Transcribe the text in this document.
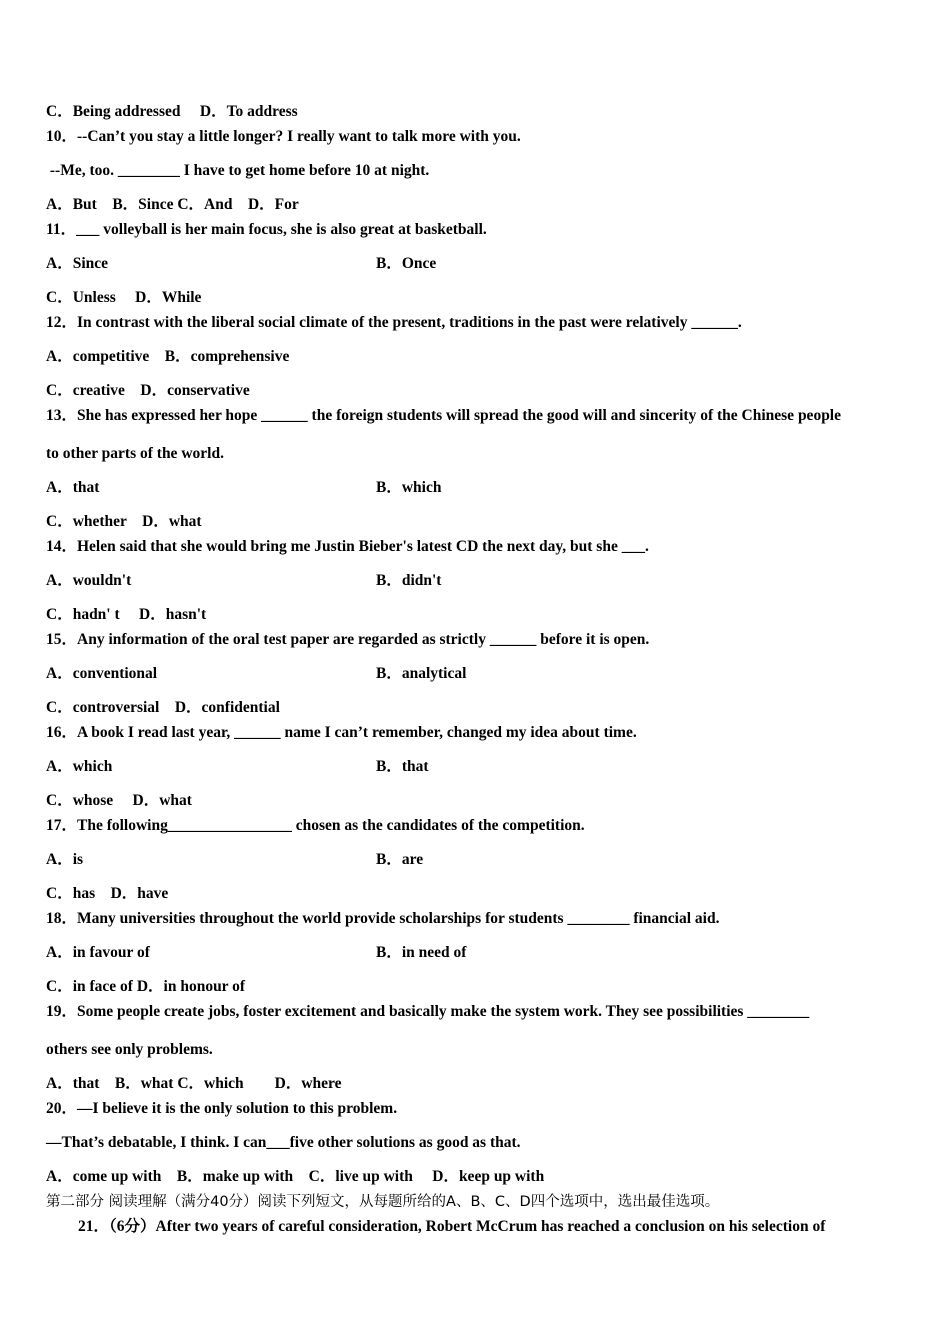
C．Being addressed　 D．To address
10．--Can’t you stay a little longer? I really want to talk more with you.
--Me, too. ________ I have to get home before 10 at night.
A．But　B．Since C．And　D．For
11．___ volleyball is her main focus, she is also great at basketball.
A．Since	B．Once
C．Unless　 D．While
12．In contrast with the liberal social climate of the present, traditions in the past were relatively ______.
A．competitive　B．comprehensive
C．creative　D．conservative
13．She has expressed her hope ______ the foreign students will spread the good will and sincerity of the Chinese people
to other parts of the world.
A．that	B．which
C．whether　D．what
14．Helen said that she would bring me Justin Bieber's latest CD the next day, but she ___.
A．wouldn't	B．didn't
C．hadn' t　 D．hasn't
15．Any information of the oral test paper are regarded as strictly ______ before it is open.
A．conventional	B．analytical
C．controversial　D．confidential
16．A book I read last year, ______ name I can’t remember, changed my idea about time.
A．which	B．that
C．whose　 D．what
17．The following________________ chosen as the candidates of the competition.
A．is	B．are
C．has　D．have
18．Many universities throughout the world provide scholarships for students ________ financial aid.
A．in favour of	B．in need of
C．in face of D．in honour of
19．Some people create jobs, foster excitement and basically make the system work. They see possibilities ________
others see only problems.
A．that　B．what C．which　　D．where
20．—I believe it is the only solution to this problem.
—That’s debatable, I think. I can___five other solutions as good as that.
A．come up with　B．make up with　C．live up with　 D．keep up with
第二部分 阅读理解（满分40分）阅读下列短文，从每题所给的A、B、C、D四个选项中，选出最佳选项。
21．（6分）After two years of careful consideration, Robert McCrum has reached a conclusion on his selection of
